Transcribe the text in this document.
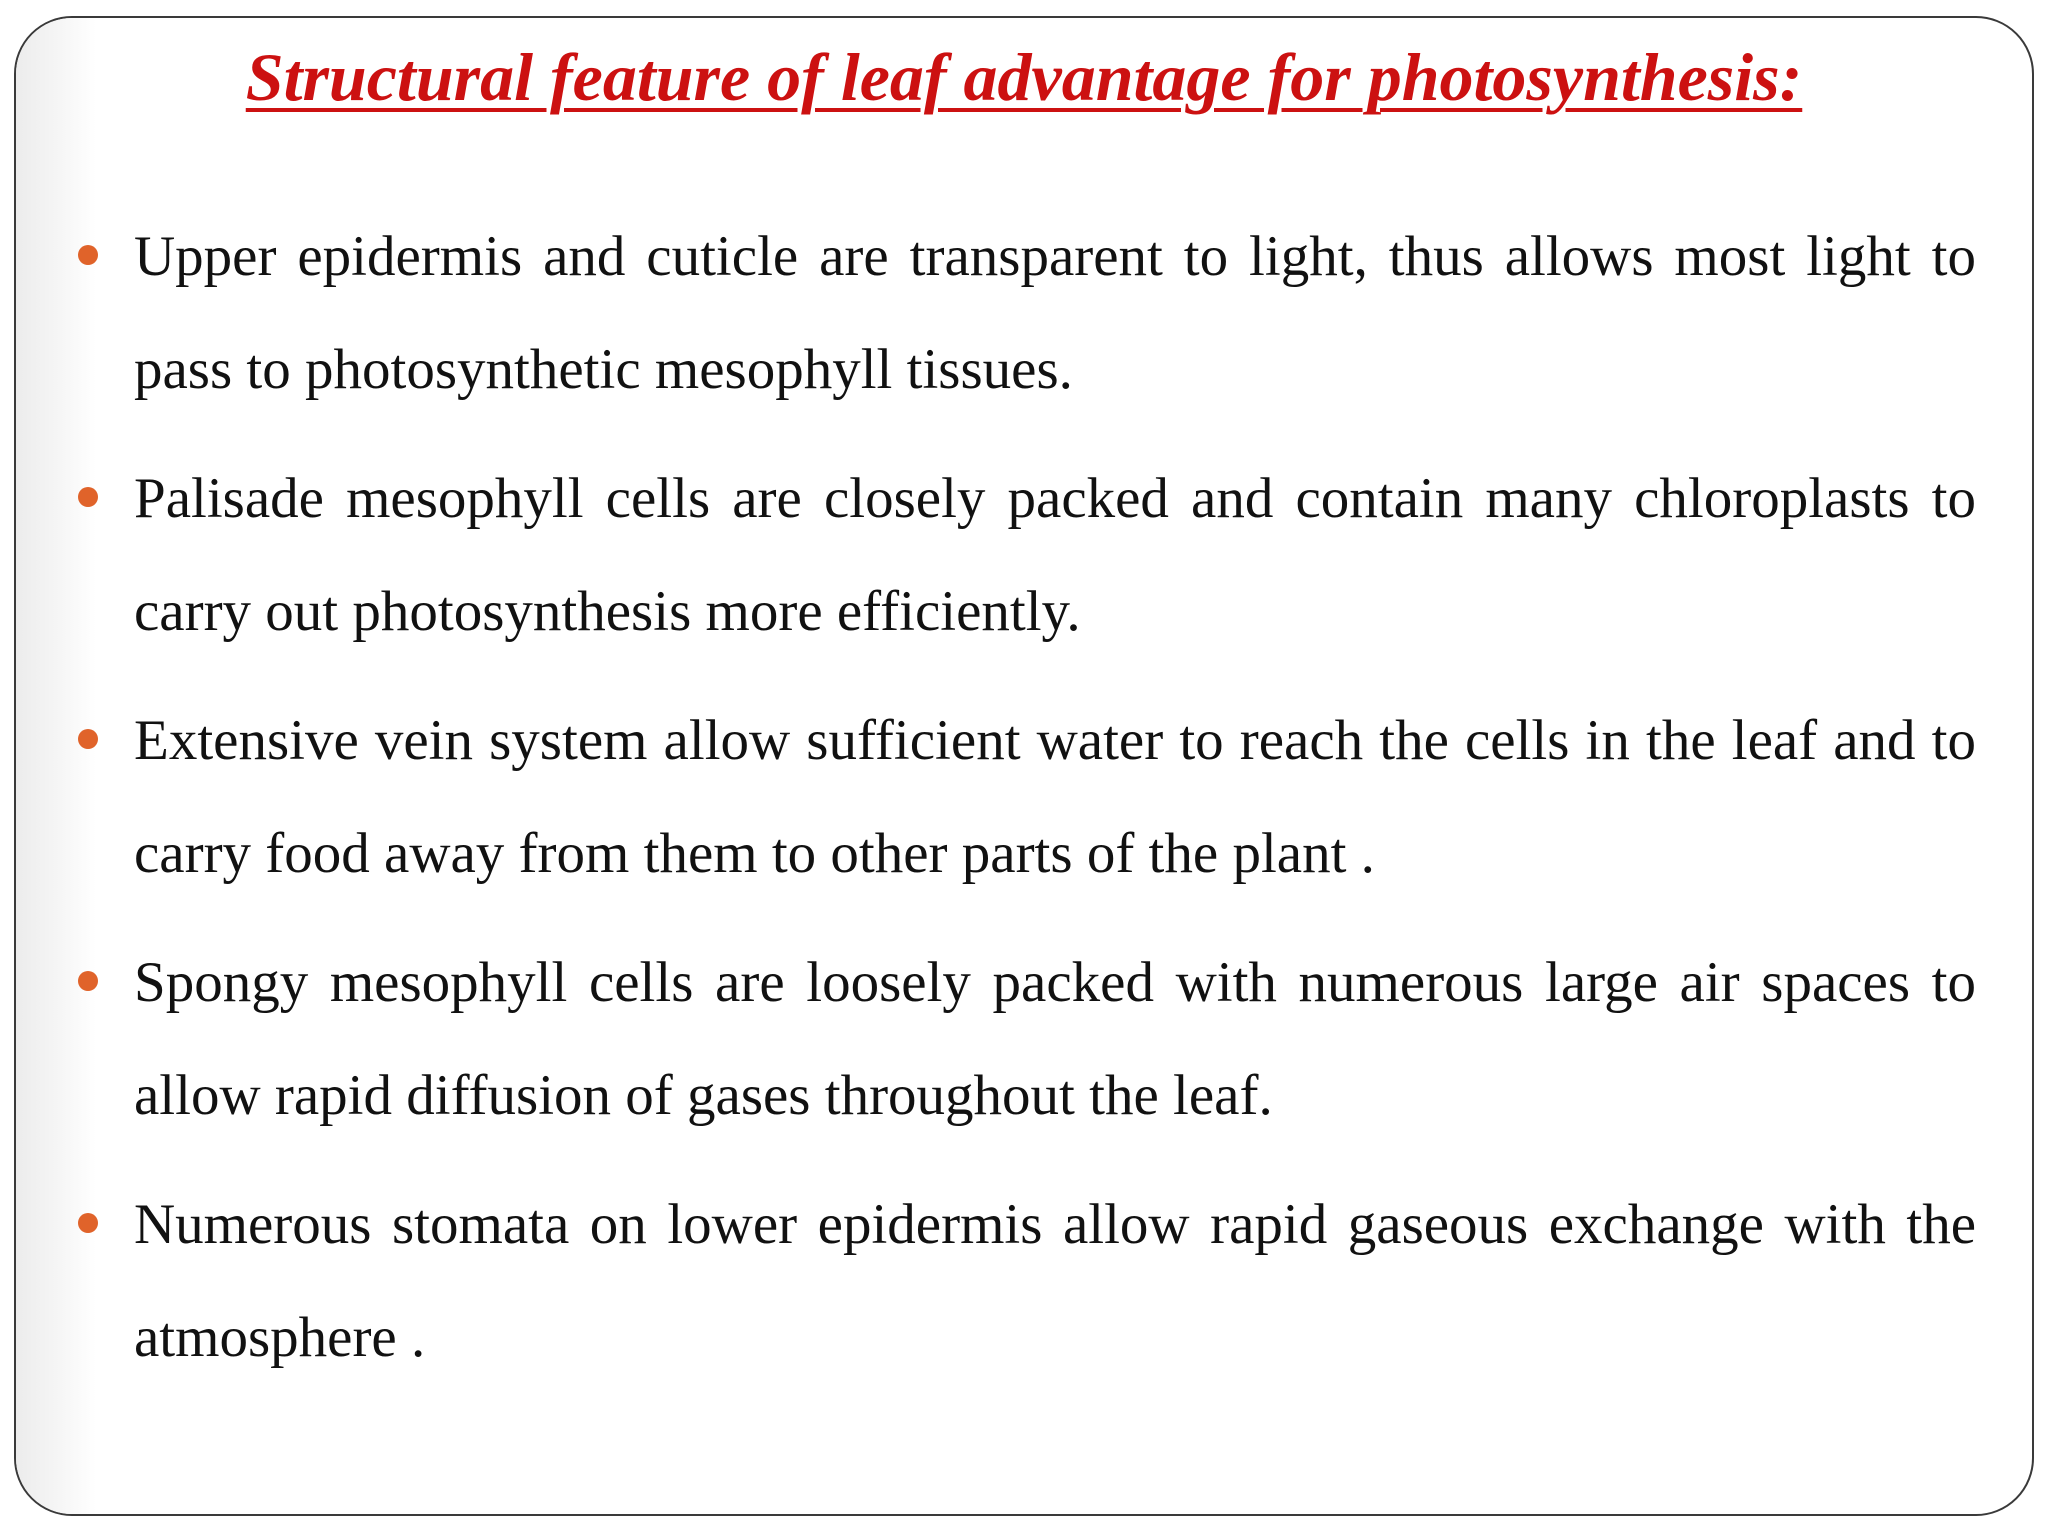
Structural feature of leaf advantage for photosynthesis:
Upper epidermis and cuticle are transparent to light, thus allows most light to pass to photosynthetic mesophyll tissues.
Palisade mesophyll cells are closely packed and contain many chloroplasts to carry out photosynthesis more efficiently.
Extensive vein system allow sufficient water to reach the cells in the leaf and to carry food away from them to other parts of the plant .
Spongy mesophyll cells are loosely packed with numerous large air spaces to allow rapid diffusion of gases throughout the leaf.
Numerous stomata on lower epidermis allow rapid gaseous exchange with the atmosphere .
